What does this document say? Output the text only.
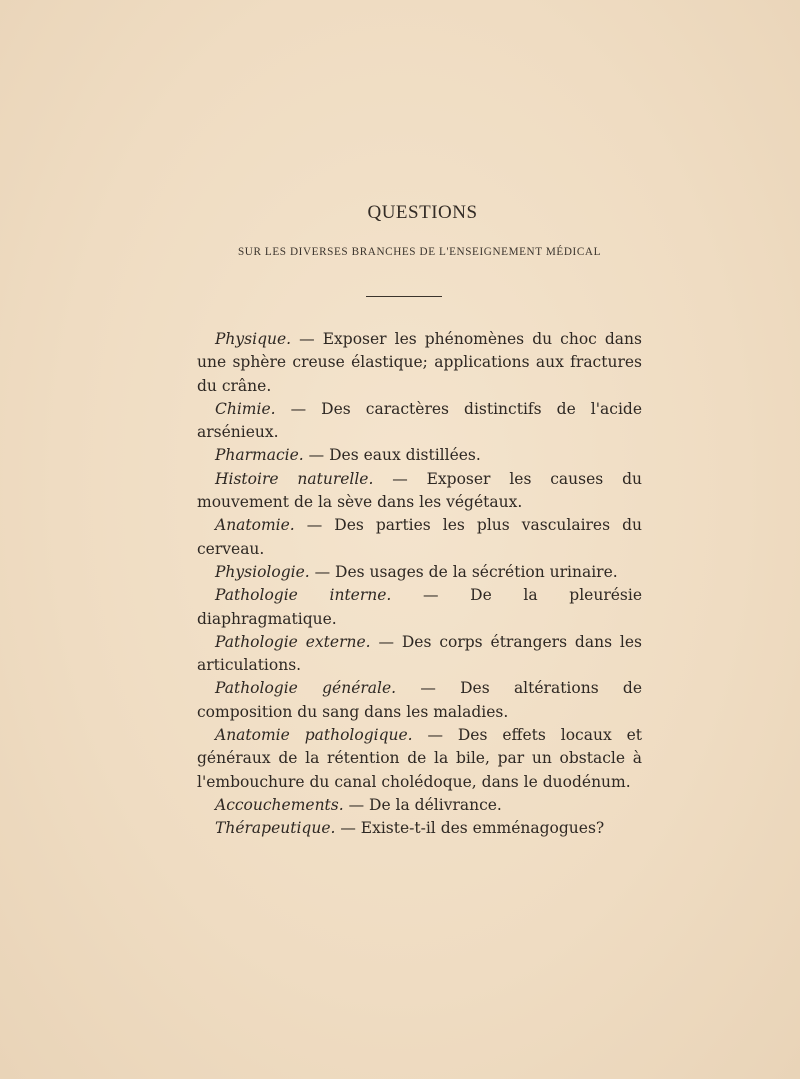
QUESTIONS
SUR LES DIVERSES BRANCHES DE L'ENSEIGNEMENT MÉDICAL

Physique. — Exposer les phénomènes du choc dans une sphère creuse élastique; applications aux fractures du crâne.

Chimie. — Des caractères distinctifs de l'acide arsénieux.

Pharmacie. — Des eaux distillées.

Histoire naturelle. — Exposer les causes du mouvement de la sève dans les végétaux.

Anatomie. — Des parties les plus vasculaires du cerveau.

Physiologie. — Des usages de la sécrétion urinaire.

Pathologie interne. — De la pleurésie diaphragmatique.

Pathologie externe. — Des corps étrangers dans les articulations.

Pathologie générale. — Des altérations de composition du sang dans les maladies.

Anatomie pathologique. — Des effets locaux et généraux de la rétention de la bile, par un obstacle à l'embouchure du canal cholédoque, dans le duodénum.

Accouchements. — De la délivrance.

Thérapeutique. — Existe-t-il des emménagogues?
